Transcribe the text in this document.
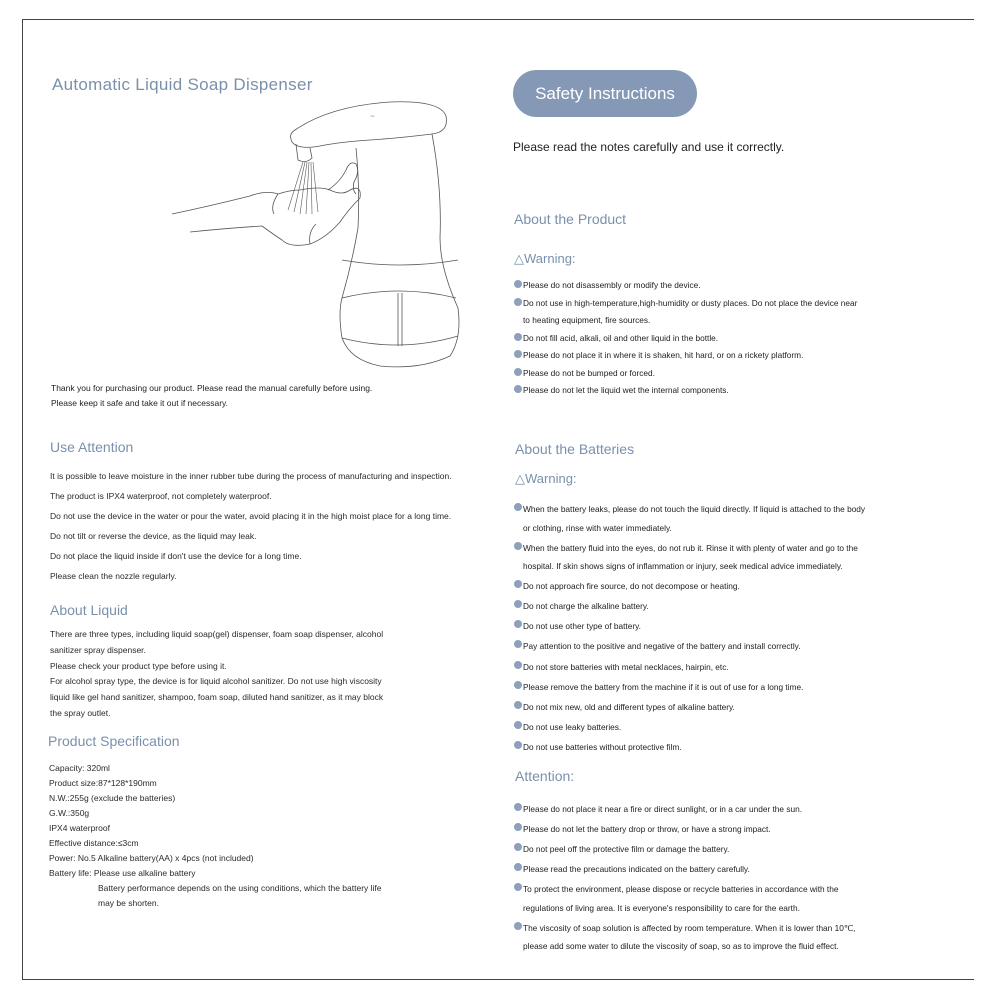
Automatic Liquid Soap Dispenser
~

Thank you for purchasing our product. Please read the manual carefully before using.

Please keep it safe and take it out if necessary.

Use Attention

It is possible to leave moisture in the inner rubber tube during the process of manufacturing and inspection.

The product is IPX4 waterproof, not completely waterproof.

Do not use the device in the water or pour the water, avoid placing it in the high moist place for a long time.

Do not tilt or reverse the device, as the liquid may leak.

Do not place the liquid inside if don't use the device for a long time.

Please clean the nozzle regularly.

About Liquid

There are three types, including liquid soap(gel) dispenser, foam soap dispenser, alcohol

sanitizer spray dispenser.

Please check your product type before using it.

For alcohol spray type, the device is for liquid alcohol sanitizer. Do not use high viscosity

liquid like gel hand sanitizer, shampoo, foam soap, diluted hand sanitizer, as it may block

the spray outlet.

Product Specification

Capacity: 320ml

Product size:87*128*190mm

N.W.:255g (exclude the batteries)

G.W.:350g

IPX4 waterproof

Effective distance:≤3cm

Power: No.5 Alkaline battery(AA) x 4pcs (not included)

Battery life: Please use alkaline battery

Battery performance depends on the using conditions, which the battery life

may be shorten.

Safety Instructions
Please read the notes carefully and use it correctly.
About the Product
△Warning:
Please do not disassembly or modify the device.
Do not use in high-temperature,high-humidity or dusty places. Do not place the device near
to heating equipment, fire sources.
Do not fill acid, alkali, oil and other liquid in the bottle.
Please do not place it in where it is shaken, hit hard, or on a rickety platform.
Please do not be bumped or forced.
Please do not let the liquid wet the internal components.
About the Batteries
△Warning:
When the battery leaks, please do not touch the liquid directly. If liquid is attached to the body
or clothing, rinse with water immediately.
When the battery fluid into the eyes, do not rub it. Rinse it with plenty of water and go to the
hospital. If skin shows signs of inflammation or injury, seek medical advice immediately.
Do not approach fire source, do not decompose or heating.
Do not charge the alkaline battery.
Do not use other type of battery.
Pay attention to the positive and negative of the battery and install correctly.
Do not store batteries with metal necklaces, hairpin, etc.
Please remove the battery from the machine if it is out of use for a long time.
Do not mix new, old and different types of alkaline battery.
Do not use leaky batteries.
Do not use batteries without protective film.
Attention:
Please do not place it near a fire or direct sunlight, or in a car under the sun.
Please do not let the battery drop or throw, or have a strong impact.
Do not peel off the protective film or damage the battery.
Please read the precautions indicated on the battery carefully.
To protect the environment, please dispose or recycle batteries in accordance with the
regulations of living area. It is everyone's responsibility to care for the earth.
The viscosity of soap solution is affected by room temperature. When it is lower than 10℃,
please add some water to dilute the viscosity of soap, so as to improve the fluid effect.
